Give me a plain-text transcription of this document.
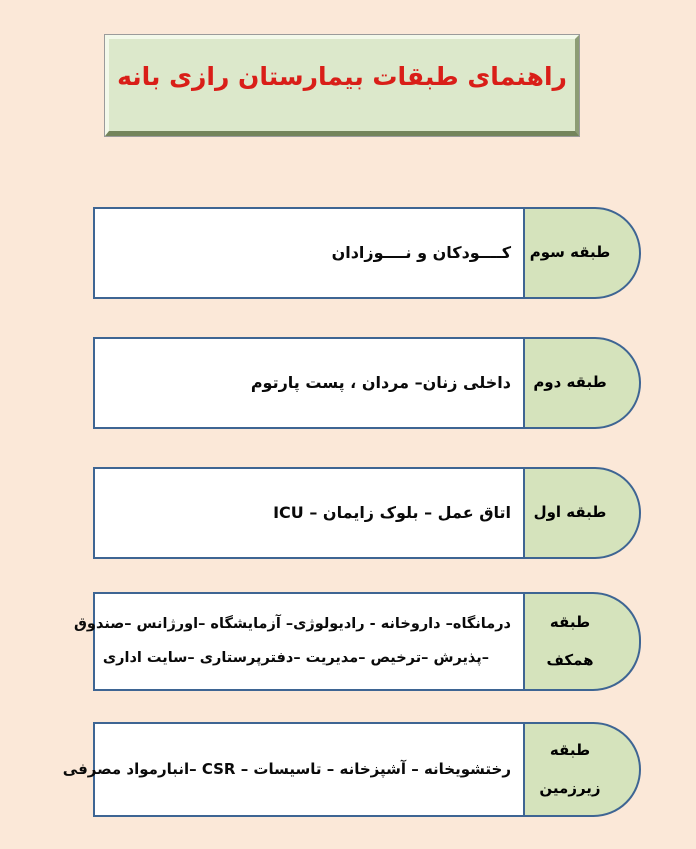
راهنمای طبقات بیمارستان رازی بانه
کــــودکان و نــــوزادان طبقه سوم
داخلی زنان– مردان ، پست پارتوم طبقه دوم
اتاق عمل – بلوک زایمان – ICU طبقه اول
درمانگاه– داروخانه - رادیولوژی– آزمایشگاه –اورژانس –صندوق
–پذیرش –ترخیص –مدیریت –دفترپرستاری –سایت اداری
طبقه
همکف
رختشویخانه – آشپزخانه – تاسیسات – CSR –انبارمواد مصرفی
طبقه
زیرزمین
